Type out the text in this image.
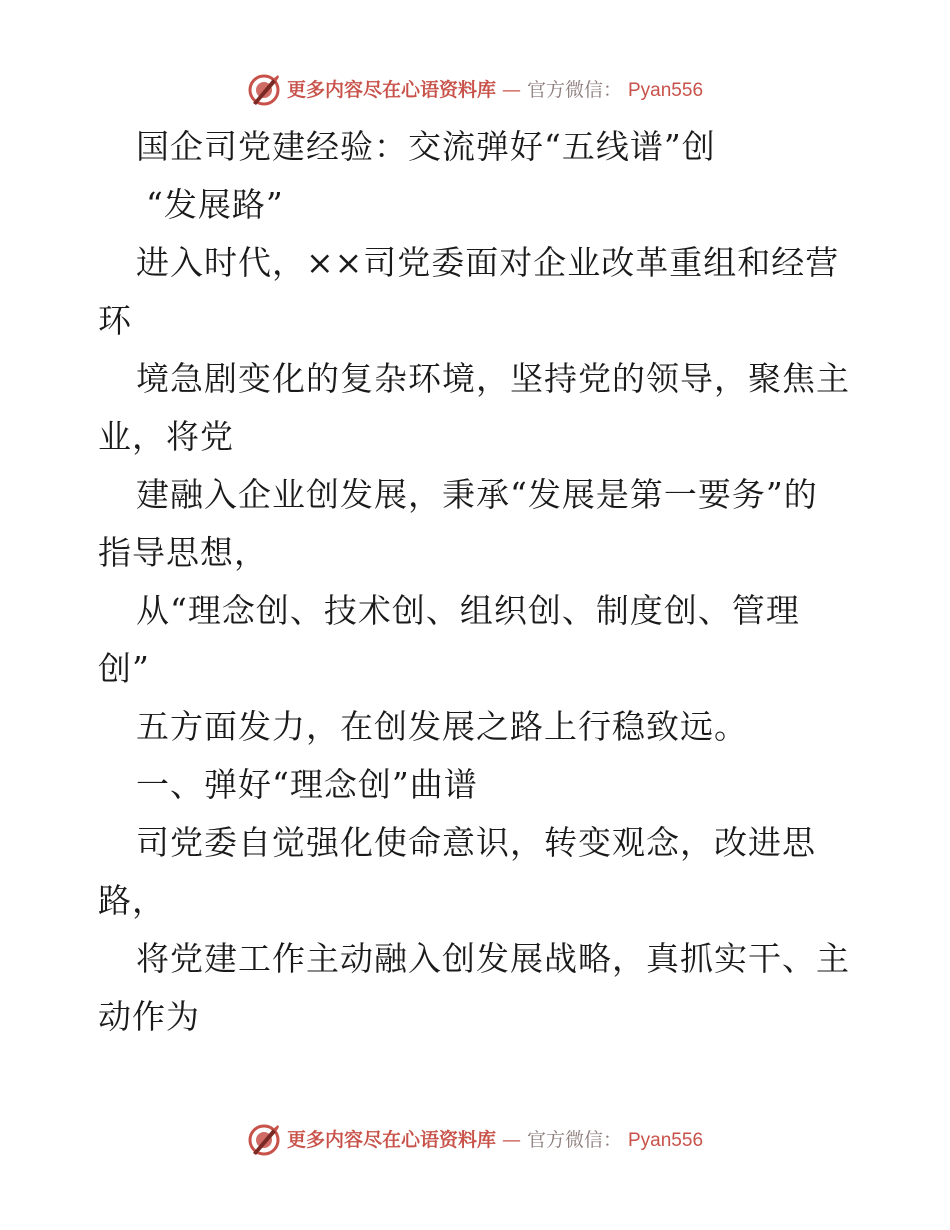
更多内容尽在心语资料库 — 官方微信： Pyan556
国企司党建经验：交流弹好“五线谱”创
“发展路”
进入时代，××司党委面对企业改革重组和经营
环
境急剧变化的复杂环境，坚持党的领导，聚焦主
业，将党
建融入企业创发展，秉承“发展是第一要务”的
指导思想，
从“理念创、技术创、组织创、制度创、管理
创”
五方面发力，在创发展之路上行稳致远。
一、弹好“理念创”曲谱
司党委自觉强化使命意识，转变观念，改进思
路，
将党建工作主动融入创发展战略，真抓实干、主
动作为
更多内容尽在心语资料库 — 官方微信： Pyan556
